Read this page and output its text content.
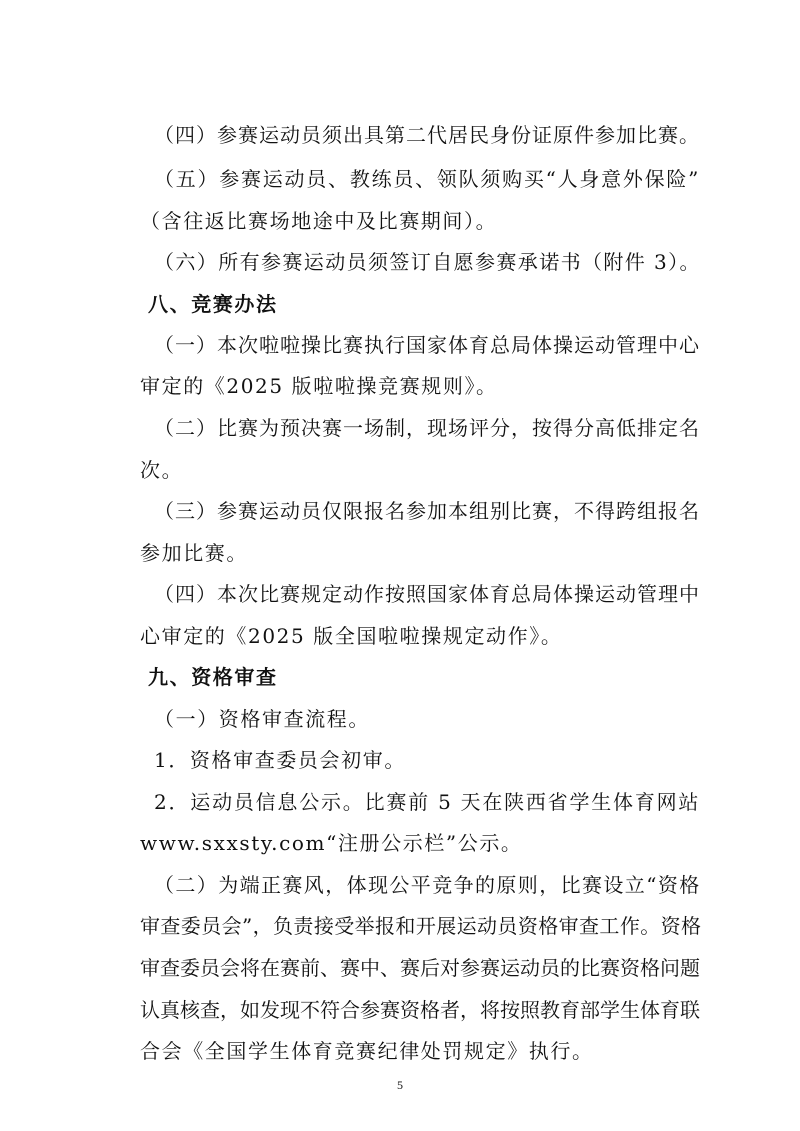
（四）参赛运动员须出具第二代居民身份证原件参加比赛。
（五）参赛运动员、教练员、领队须购买“人身意外保险”
（含往返比赛场地途中及比赛期间）。
（六）所有参赛运动员须签订自愿参赛承诺书（附件 3）。
八、竞赛办法
（一）本次啦啦操比赛执行国家体育总局体操运动管理中心
审定的《2025 版啦啦操竞赛规则》。
（二）比赛为预决赛一场制，现场评分，按得分高低排定名
次。
（三）参赛运动员仅限报名参加本组别比赛，不得跨组报名
参加比赛。
（四）本次比赛规定动作按照国家体育总局体操运动管理中
心审定的《2025 版全国啦啦操规定动作》。
九、资格审查
（一）资格审查流程。
1．资格审查委员会初审。
2．运动员信息公示。比赛前 5 天在陕西省学生体育网站
www.sxxsty.com“注册公示栏”公示。
（二）为端正赛风，体现公平竞争的原则，比赛设立“资格
审查委员会”，负责接受举报和开展运动员资格审查工作。资格
审查委员会将在赛前、赛中、赛后对参赛运动员的比赛资格问题
认真核查，如发现不符合参赛资格者，将按照教育部学生体育联
合会《全国学生体育竞赛纪律处罚规定》执行。
5
